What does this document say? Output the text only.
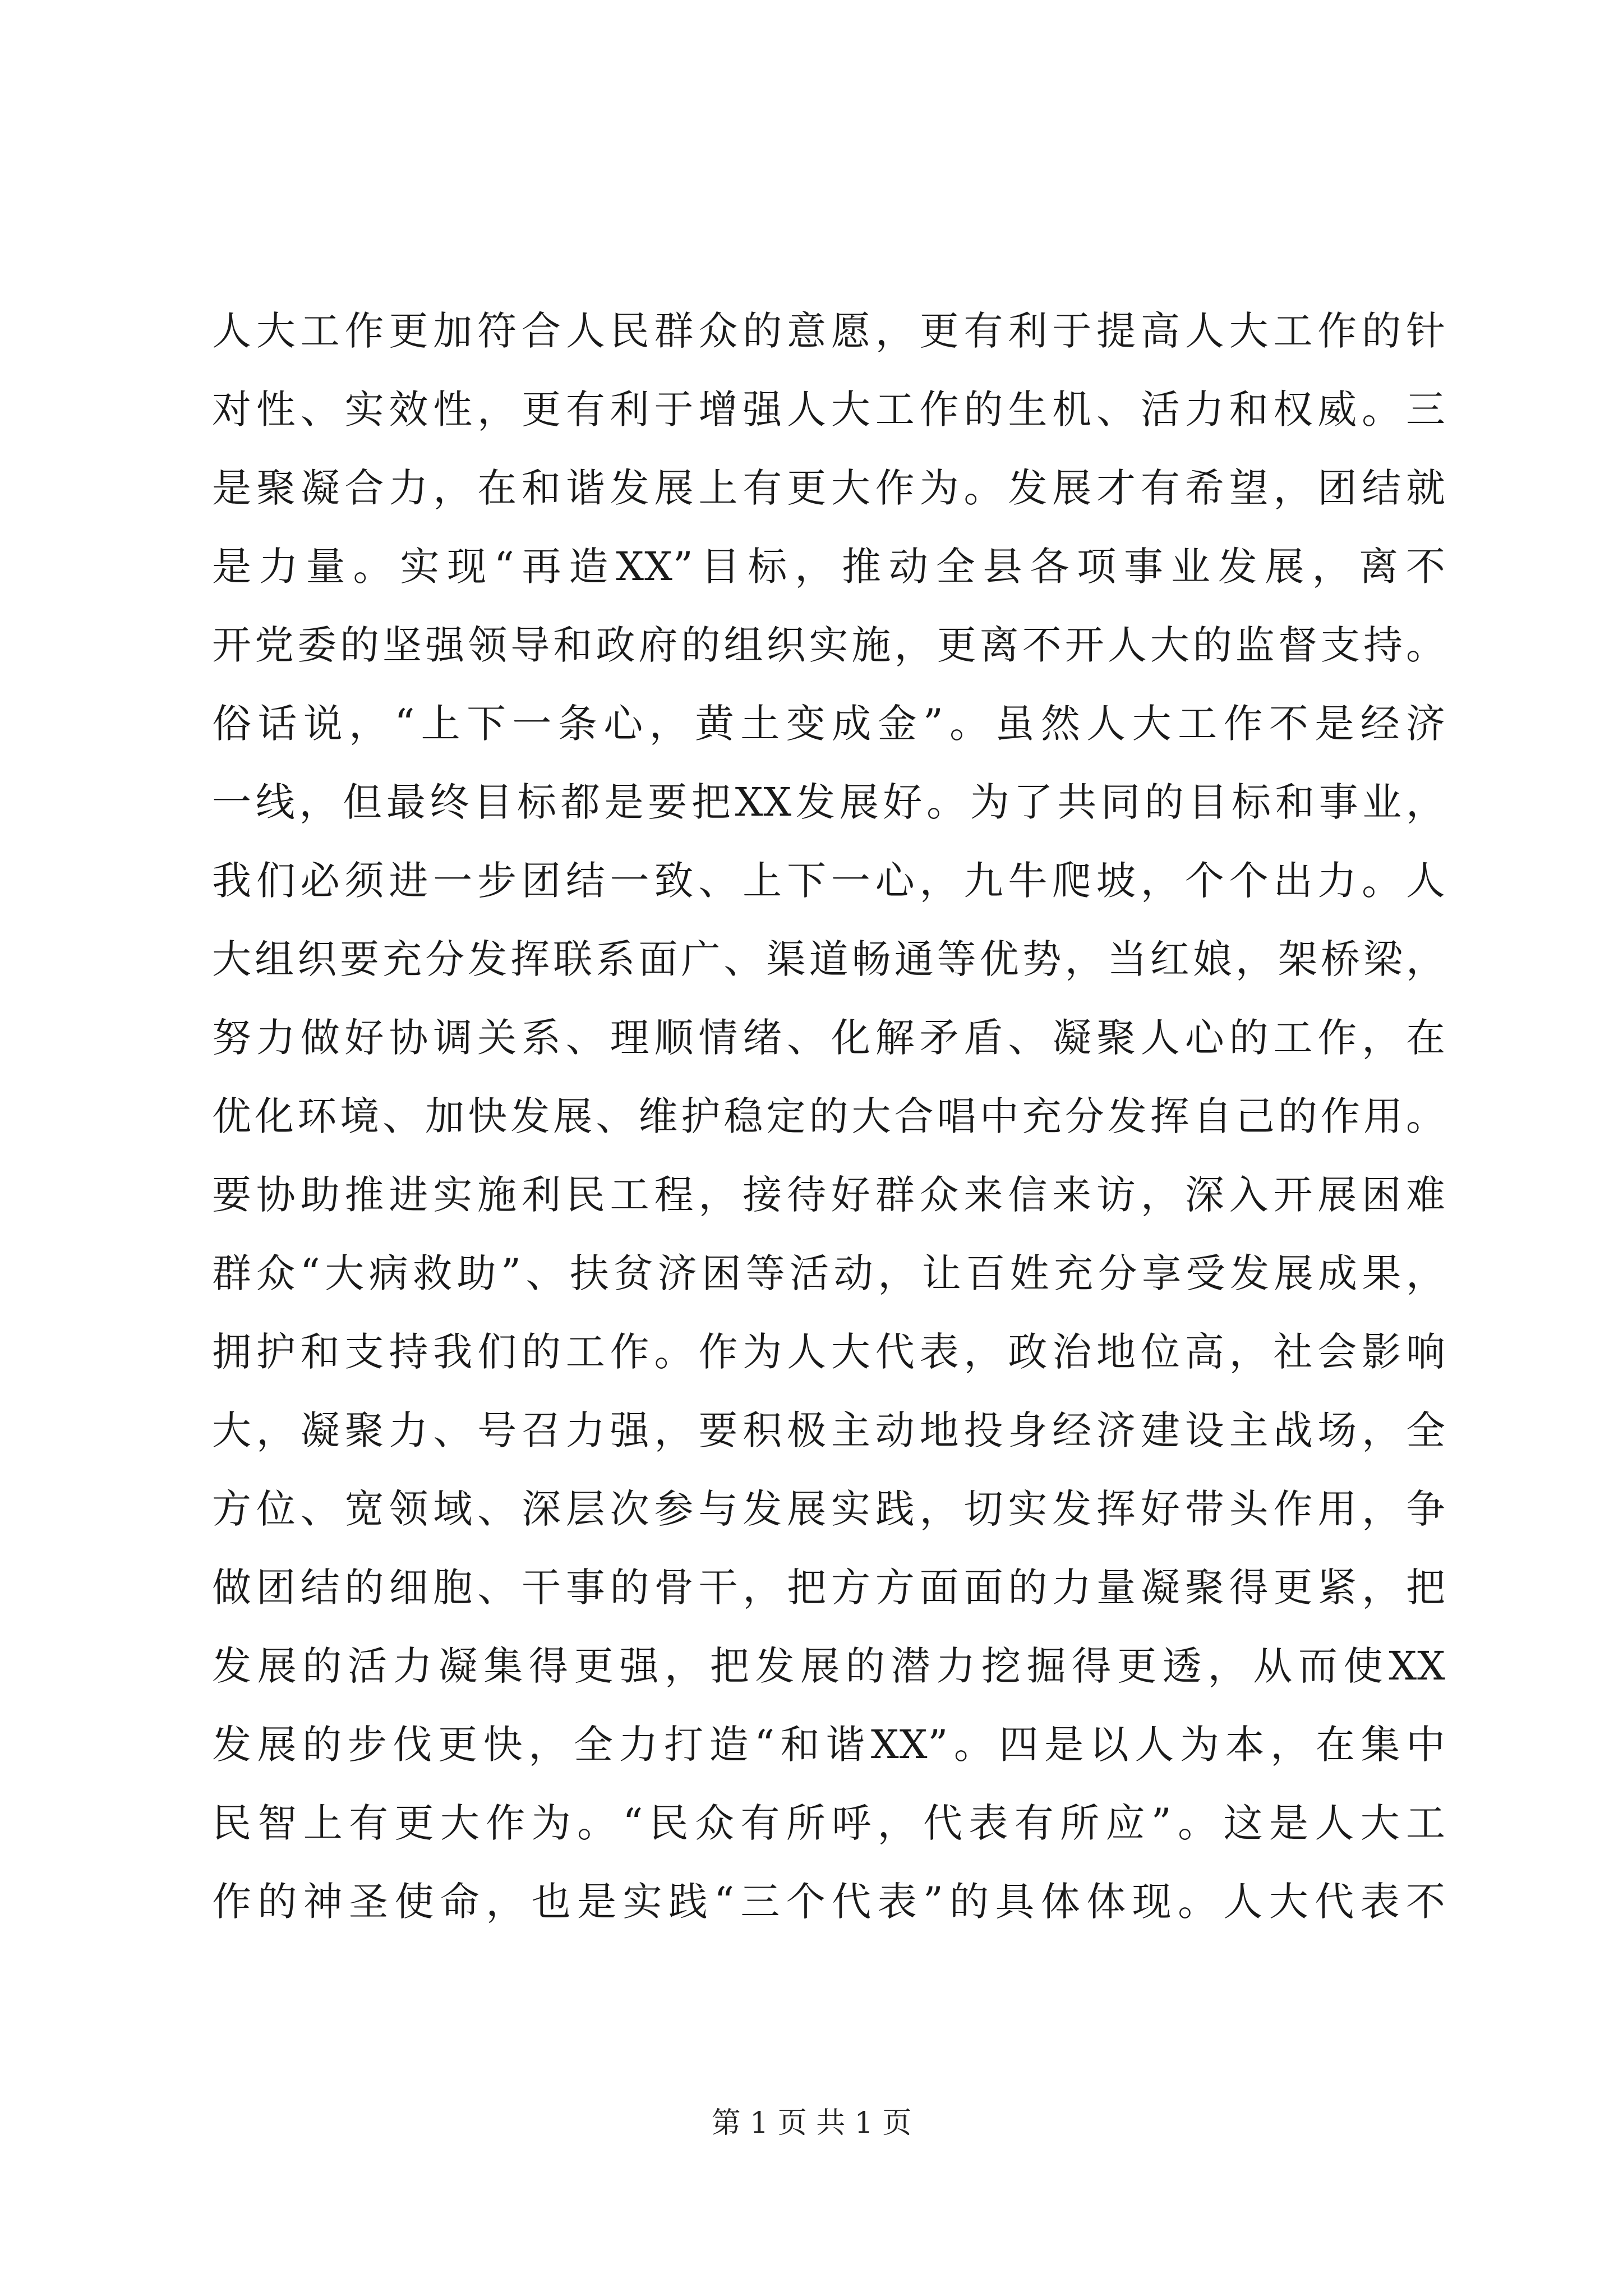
人大工作更加符合人民群众的意愿，更有利于提高人大工作的针
对性、实效性，更有利于增强人大工作的生机、活力和权威。三
是聚凝合力，在和谐发展上有更大作为。发展才有希望，团结就
是力量。实现“再造XX”目标，推动全县各项事业发展，离不
开党委的坚强领导和政府的组织实施，更离不开人大的监督支持。
俗话说，“上下一条心，黄土变成金”。虽然人大工作不是经济
一线，但最终目标都是要把XX发展好。为了共同的目标和事业，
我们必须进一步团结一致、上下一心，九牛爬坡，个个出力。人
大组织要充分发挥联系面广、渠道畅通等优势，当红娘，架桥梁，
努力做好协调关系、理顺情绪、化解矛盾、凝聚人心的工作，在
优化环境、加快发展、维护稳定的大合唱中充分发挥自己的作用。
要协助推进实施利民工程，接待好群众来信来访，深入开展困难
群众“大病救助”、扶贫济困等活动，让百姓充分享受发展成果，
拥护和支持我们的工作。作为人大代表，政治地位高，社会影响
大，凝聚力、号召力强，要积极主动地投身经济建设主战场，全
方位、宽领域、深层次参与发展实践，切实发挥好带头作用，争
做团结的细胞、干事的骨干，把方方面面的力量凝聚得更紧，把
发展的活力凝集得更强，把发展的潜力挖掘得更透，从而使XX
发展的步伐更快，全力打造“和谐XX”。四是以人为本，在集中
民智上有更大作为。“民众有所呼，代表有所应”。这是人大工
作的神圣使命，也是实践“三个代表”的具体体现。人大代表不
第 1 页 共 1 页
